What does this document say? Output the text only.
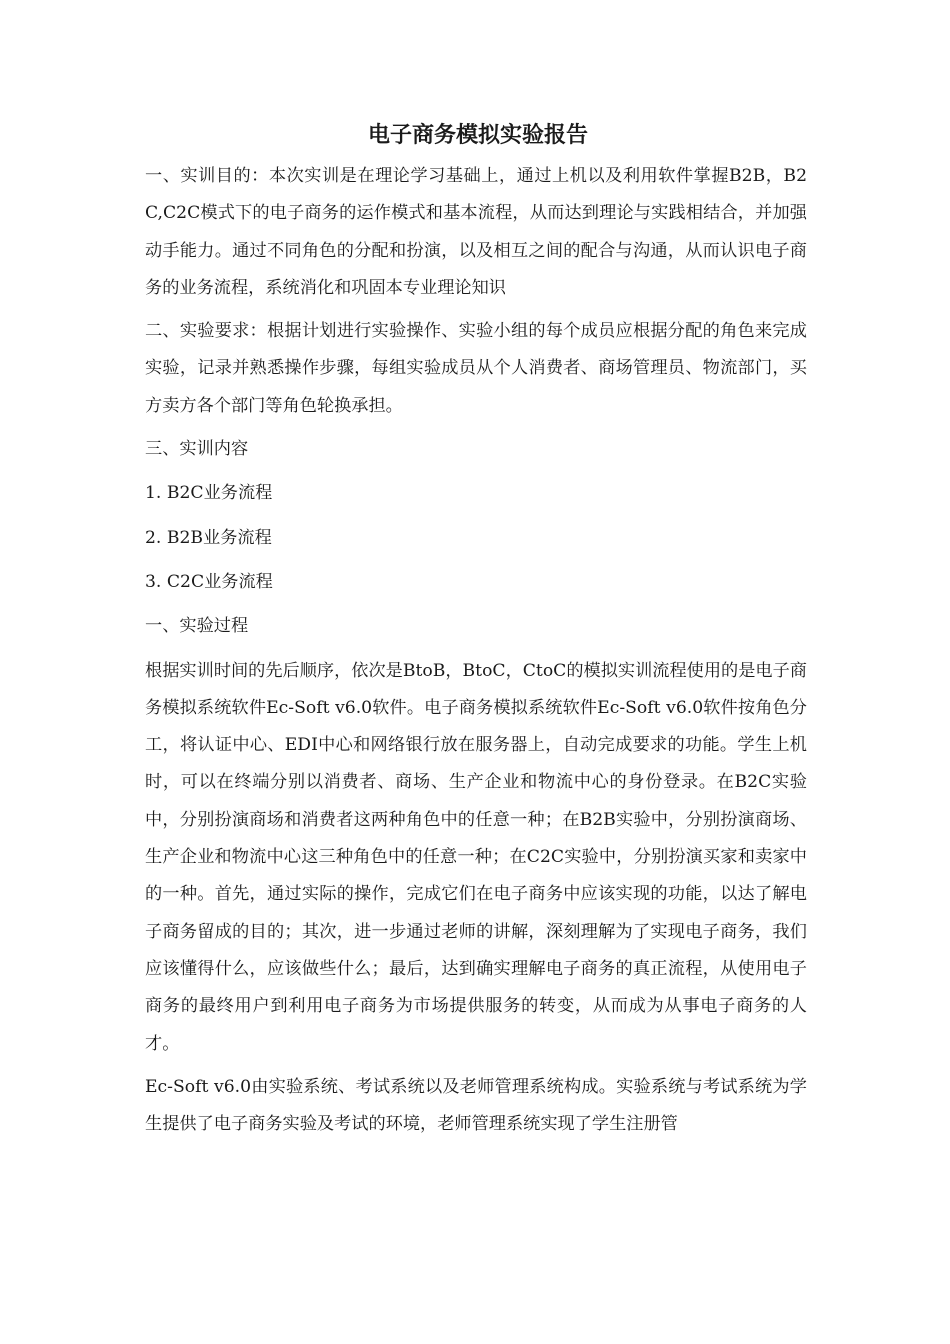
电子商务模拟实验报告

一、实训目的：本次实训是在理论学习基础上，通过上机以及利用软件掌握B2B，B2C,C2C模式下的电子商务的运作模式和基本流程，从而达到理论与实践相结合，并加强动手能力。通过不同角色的分配和扮演，以及相互之间的配合与沟通，从而认识电子商务的业务流程，系统消化和巩固本专业理论知识

二、实验要求：根据计划进行实验操作、实验小组的每个成员应根据分配的角色来完成实验，记录并熟悉操作步骤，每组实验成员从个人消费者、商场管理员、物流部门，买方卖方各个部门等角色轮换承担。

三、实训内容

1. B2C业务流程

2. B2B业务流程

3. C2C业务流程

一、实验过程

根据实训时间的先后顺序，依次是BtoB，BtoC，CtoC的模拟实训流程使用的是电子商务模拟系统软件Ec-Soft v6.0软件。电子商务模拟系统软件Ec-Soft v6.0软件按角色分工，将认证中心、EDI中心和网络银行放在服务器上，自动完成要求的功能。学生上机时，可以在终端分别以消费者、商场、生产企业和物流中心的身份登录。在B2C实验中，分别扮演商场和消费者这两种角色中的任意一种；在B2B实验中，分别扮演商场、生产企业和物流中心这三种角色中的任意一种；在C2C实验中，分别扮演买家和卖家中的一种。首先，通过实际的操作，完成它们在电子商务中应该实现的功能，以达了解电子商务留成的目的；其次，进一步通过老师的讲解，深刻理解为了实现电子商务，我们应该懂得什么，应该做些什么；最后，达到确实理解电子商务的真正流程，从使用电子商务的最终用户到利用电子商务为市场提供服务的转变，从而成为从事电子商务的人才。

Ec-Soft v6.0由实验系统、考试系统以及老师管理系统构成。实验系统与考试系统为学生提供了电子商务实验及考试的环境，老师管理系统实现了学生注册管
